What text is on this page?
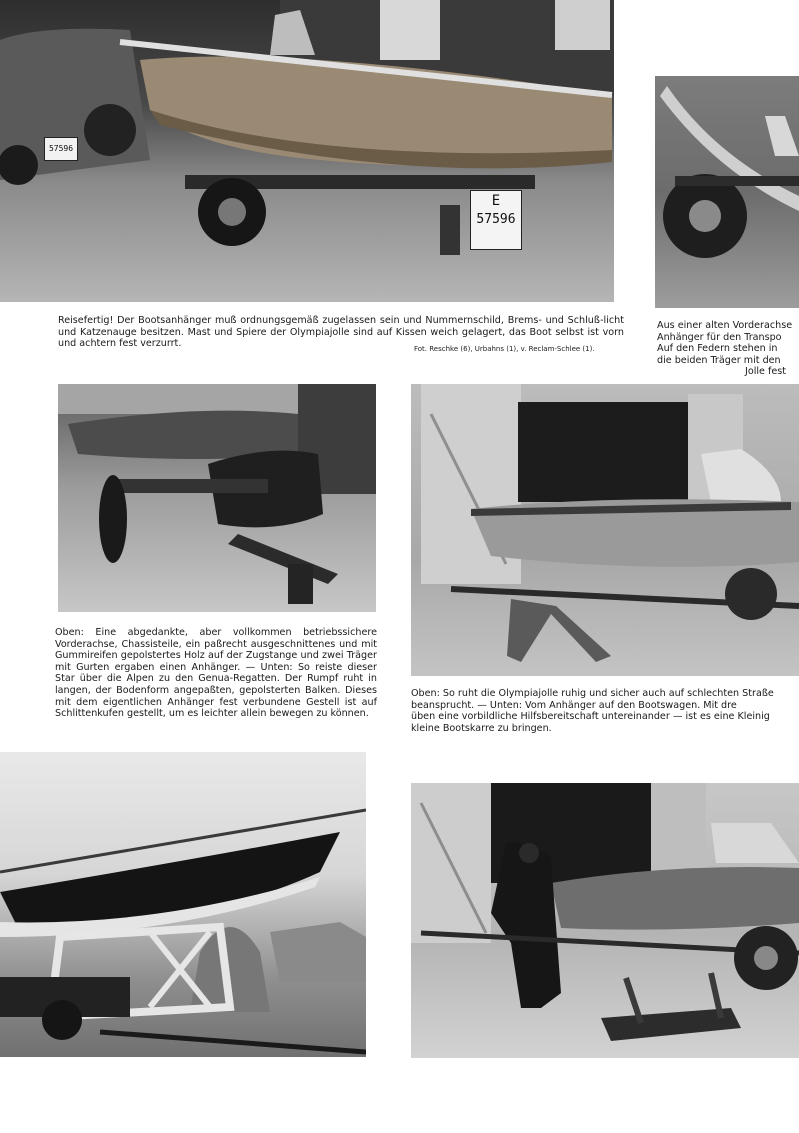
57596
E
57596

Reisefertig! Der Bootsanhänger muß ordnungsgemäß zugelassen sein und Nummernschild, Brems- und Schluß-licht und Katzenauge besitzen. Mast und Spiere der Olympiajolle sind auf Kissen weich gelagert, das Boot selbst ist vorn und achtern fest verzurrt.	Fot. Reschke (6), Urbahns (1), v. Reclam-Schlee (1).
Aus einer alten Vorderachse
Anhänger für den Transpo
Auf den Federn stehen in
die beiden Träger mit den
Jolle fest

Oben: Eine abgedankte, aber vollkommen betriebssichere Vorderachse, Chassisteile, ein paßrecht ausgeschnittenes und mit Gummireifen gepolstertes Holz auf der Zugstange und zwei Träger mit Gurten ergaben einen Anhänger. — Unten: So reiste dieser Star über die Alpen zu den Genua-Regatten. Der Rumpf ruht in langen, der Bodenform angepaßten, gepolsterten Balken. Dieses mit dem eigentlichen Anhänger fest verbundene Gestell ist auf Schlittenkufen gestellt, um es leichter allein bewegen zu können.

Oben: So ruht die Olympiajolle ruhig und sicher auch auf schlechten Straße
beansprucht. — Unten: Vom Anhänger auf den Bootswagen. Mit dre
üben eine vorbildliche Hilfsbereitschaft untereinander — ist es eine Kleinig
kleine Bootskarre zu bringen.
